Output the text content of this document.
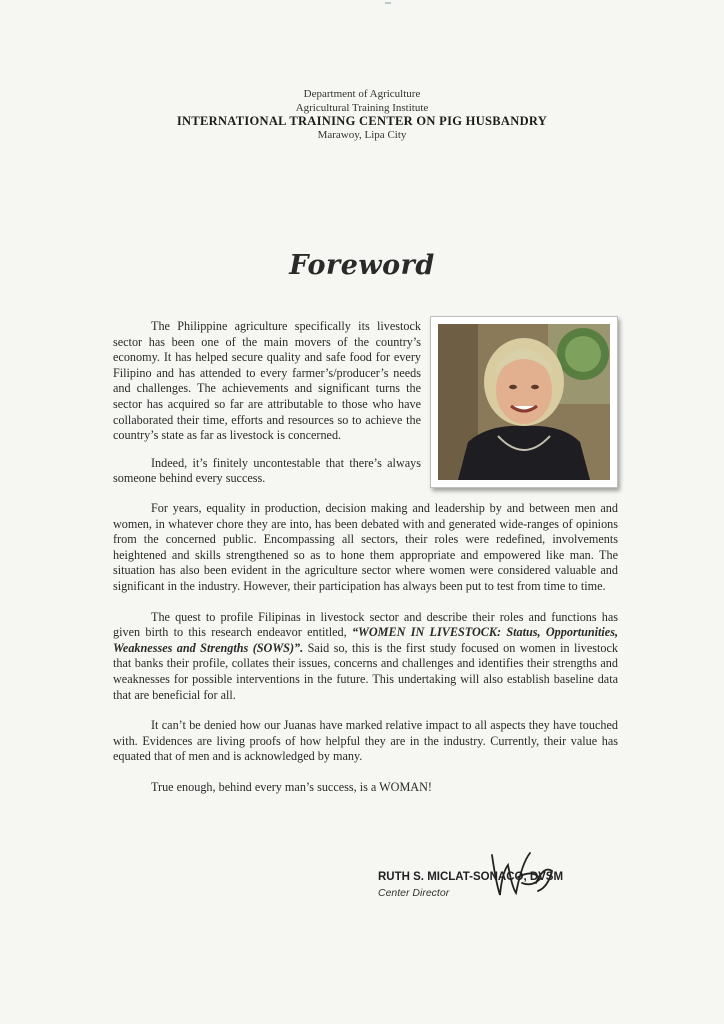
Department of Agriculture
Agricultural Training Institute
INTERNATIONAL TRAINING CENTER ON PIG HUSBANDRY
Marawoy, Lipa City
Foreword

The Philippine agriculture specifically its livestock sector has been one of the main movers of the country’s economy. It has helped secure quality and safe food for every Filipino and has attended to every farmer’s/producer’s needs and challenges. The achievements and significant turns the sector has acquired so far are attributable to those who have collaborated their time, efforts and resources so to achieve the country’s state as far as livestock is concerned.

Indeed, it’s finitely uncontestable that there’s always someone behind every success.

For years, equality in production, decision making and leadership by and between men and women, in whatever chore they are into, has been debated with and generated wide-ranges of opinions from the concerned public. Encompassing all sectors, their roles were redefined, involvements heightened and skills strengthened so as to hone them appropriate and empowered like man. The situation has also been evident in the agriculture sector where women were considered valuable and significant in the industry. However, their participation has always been put to test from time to time.

The quest to profile Filipinas in livestock sector and describe their roles and functions has given birth to this research endeavor entitled, “WOMEN IN LIVESTOCK: Status, Opportunities, Weaknesses and Strengths (SOWS)”. Said so, this is the first study focused on women in livestock that banks their profile, collates their issues, concerns and challenges and identifies their strengths and weaknesses for possible interventions in the future. This undertaking will also establish baseline data that are beneficial for all.

It can’t be denied how our Juanas have marked relative impact to all aspects they have touched with. Evidences are living proofs of how helpful they are in the industry. Currently, their value has equated that of men and is acknowledged by many.

True enough, behind every man’s success, is a WOMAN!

RUTH S. MICLAT-SONACO, DVSM
Center Director
